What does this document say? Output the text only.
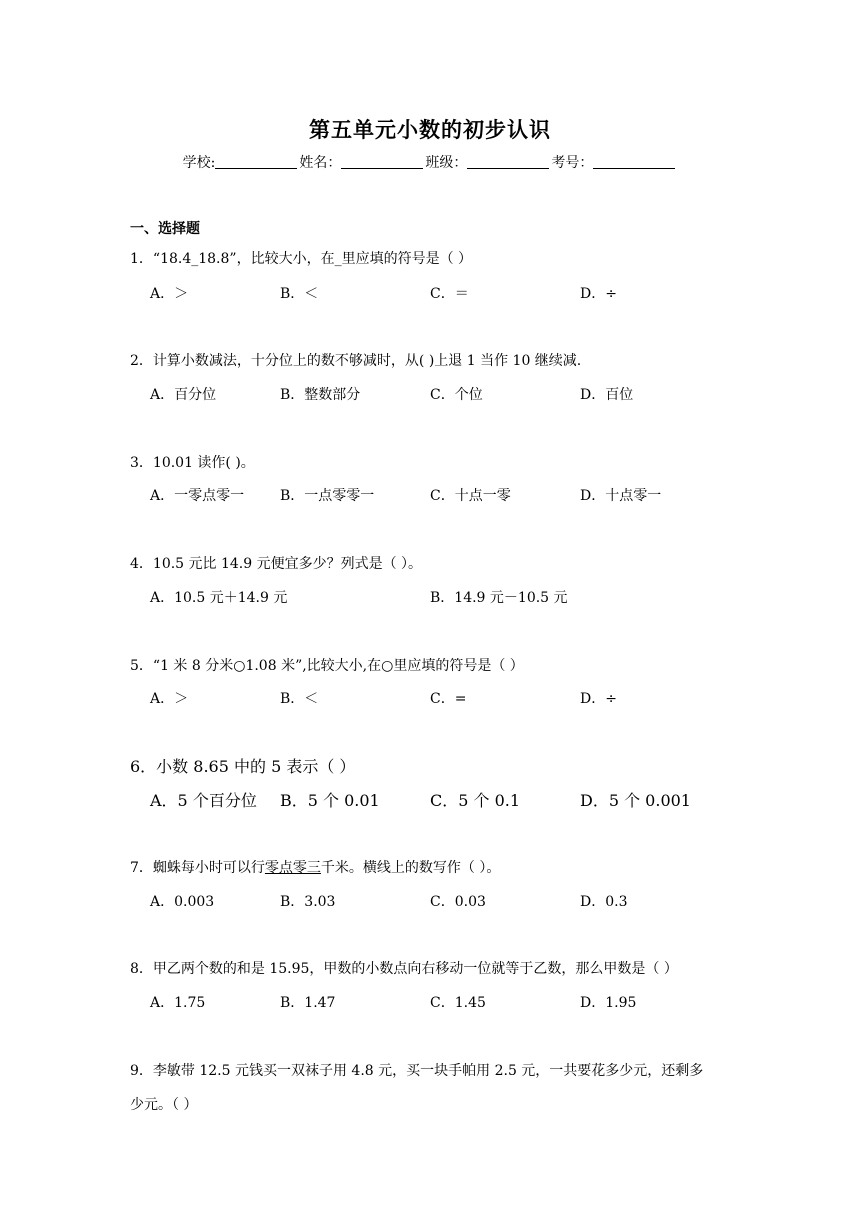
第五单元小数的初步认识
学校:	姓名：	班级：	考号：
一、选择题
1．“18.4_18.8”，比较大小，在_里应填的符号是（ ）
A．＞	B．＜	C．＝	D．÷
2．计算小数减法，十分位上的数不够减时，从( )上退 1 当作 10 继续减.
A．百分位	B．整数部分	C．个位	D．百位
3．10.01 读作( )。
A．一零点零一	B．一点零零一	C．十点一零	D．十点零一
4．10.5 元比 14.9 元便宜多少？列式是（ ）。
A．10.5 元＋14.9 元	B．14.9 元－10.5 元
5．“1 米 8 分米○1.08 米”,比较大小,在○里应填的符号是（ ）
A．＞	B．＜	C．=	D．÷
6．小数 8.65 中的 5 表示（ ）
A．5 个百分位 B．5 个 0.01	C．5 个 0.1	D．5 个 0.001
7．蜘蛛每小时可以行零点零三千米。横线上的数写作（ ）。
A．0.003	B．3.03	C．0.03	D．0.3
8．甲乙两个数的和是 15.95，甲数的小数点向右移动一位就等于乙数，那么甲数是（ ）
A．1.75	B．1.47	C．1.45	D．1.95
9．李敏带 12.5 元钱买一双袜子用 4.8 元，买一块手帕用 2.5 元，一共要花多少元，还剩多
少元。（ ）
